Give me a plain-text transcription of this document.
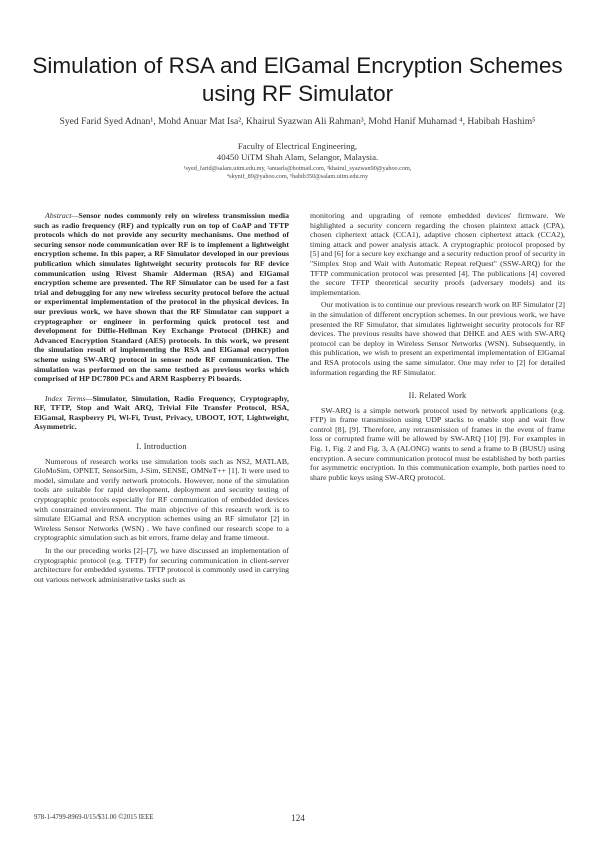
Simulation of RSA and ElGamal Encryption Schemes using RF Simulator
Syed Farid Syed Adnan¹, Mohd Anuar Mat Isa², Khairul Syazwan Ali Rahman³, Mohd Hanif Muhamad ⁴, Habibah Hashim⁵
Faculty of Electrical Engineering,
40450 UiTM Shah Alam, Selangor, Malaysia.
¹syed_farid@salam.uitm.edu.my, ²anuarls@hotmail.com, ³khairul_syazwan90@yahoo.com,
⁴skynif_89@yahoo.com, ⁵habib350@salam.uitm.edu.my

Abstract—Sensor nodes commonly rely on wireless transmission media such as radio frequency (RF) and typically run on top of CoAP and TFTP protocols which do not provide any security mechanisms. One method of securing sensor node communication over RF is to implement a lightweight encryption scheme. In this paper, a RF Simulator developed in our previous publication which simulates lightweight security protocols for RF device communication using Rivest Shamir Alderman (RSA) and ElGamal encryption scheme are presented. The RF Simulator can be used for a fast trial and debugging for any new wireless security protocol before the actual or experimental implementation of the protocol in the physical devices. In our previous work, we have shown that the RF Simulator can support a cryptographer or engineer in performing quick protocol test and development for Diffie-Hellman Key Exchange Protocol (DHKE) and Advanced Encryption Standard (AES) protocols. In this work, we present the simulation result of implementing the RSA and ElGamal encryption scheme using SW-ARQ protocol in sensor node RF communication. The simulation was performed on the same testbed as previous works which comprised of HP DC7800 PCs and ARM Raspberry Pi boards.

Index Terms—Simulator, Simulation, Radio Frequency, Cryptography, RF, TFTP, Stop and Wait ARQ, Trivial File Transfer Protocol, RSA, ElGamal, Raspberry Pi, Wi-Fi, Trust, Privacy, UBOOT, IOT, Lightweight, Asymmetric.

I. Introduction

Numerous of research works use simulation tools such as NS2, MATLAB, GloMoSim, OPNET, SensorSim, J-Sim, SENSE, OMNeT++ [1]. It were used to model, simulate and verify network protocols. However, none of the simulation tools are suitable for rapid development, deployment and security testing of cryptographic protocols especially for RF communication of embedded devices with constrained environment. The main objective of this research work is to simulate ElGamal and RSA encryption schemes using an RF simulator [2] in Wireless Sensor Networks (WSN) . We have confined our research scope to a cryptographic simulation such as bit errors, frame delay and frame timeout.

In the our preceding works [2]–[7], we have discussed an implementation of cryptographic protocol (e.g. TFTP) for securing communication in client-server architecture for embedded systems. TFTP protocol is commonly used in carrying out various network administrative tasks such as

monitoring and upgrading of remote embedded devices' firmware. We highlighted a security concern regarding the chosen plaintext attack (CPA), chosen ciphertext attack (CCA1), adaptive chosen ciphertext attack (CCA2), timing attack and power analysis attack. A cryptographic protocol proposed by [5] and [6] for a secure key exchange and a security reduction proof of security in "Simplex Stop and Wait with Automatic Repeat reQuest" (SSW-ARQ) for the TFTP communication protocol was presented [4]. The publications [4] covered the secure TFTP theoretical security proofs (adversary models) and its implementation.

Our motivation is to continue our previous research work on RF Simulator [2] in the simulation of different encryption schemes. In our previous work, we have presented the RF Simulator, that simulates lightweight security protocols for RF devices. The previous results have showed that DHKE and AES with SW-ARQ protocol can be deploy in Wireless Sensor Networks (WSN). Subsequently, in this publication, we wish to present an experimental implementation of ElGamal and RSA protocols using the same simulator. One may refer to [2] for detailed information regarding the RF Simulator.

II. Related Work

SW-ARQ is a simple network protocol used by network applications (e.g. FTP) in frame transmission using UDP stacks to enable stop and wait flow control [8], [9]. Therefore, any retransmission of frames in the event of frame loss or corrupted frame will be allowed by SW-ARQ [10] [9]. For examples in Fig. 1, Fig. 2 and Fig. 3, A (ALONG) wants to send a frame to B (BUSU) using encryption. A secure communication protocol must be established by both parties for asymmetric encryption. In this communication example, both parties need to share public keys using SW-ARQ protocol.

978-1-4799-8969-0/15/$31.00 ©2015 IEEE	124
